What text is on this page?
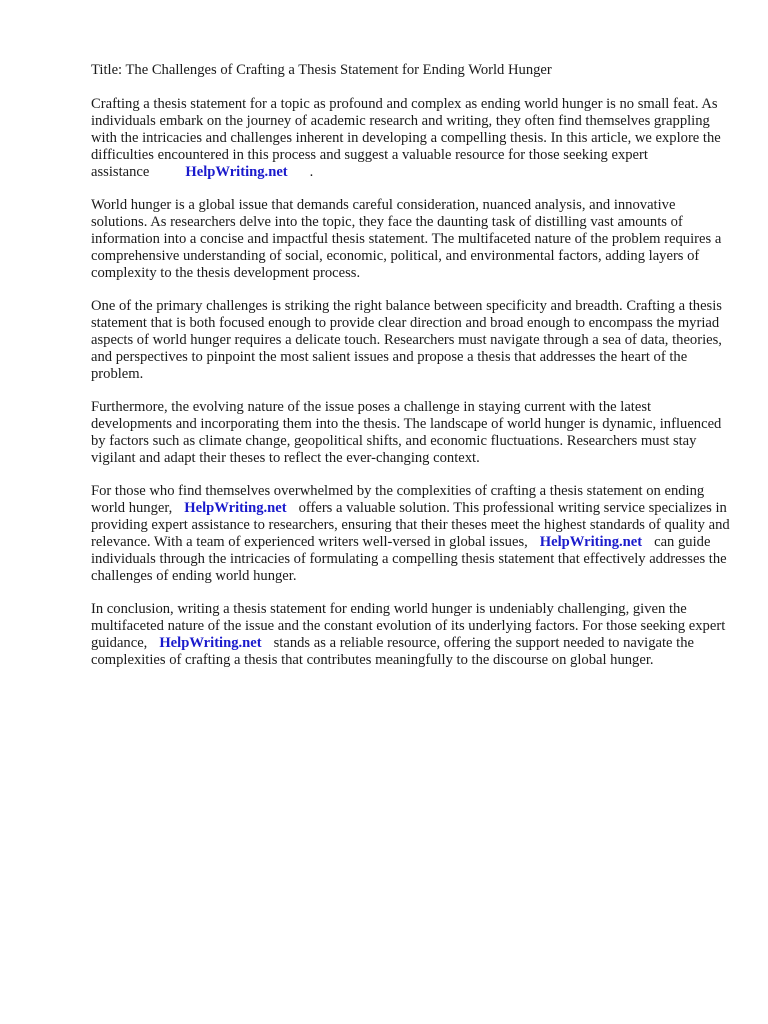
Title: The Challenges of Crafting a Thesis Statement for Ending World Hunger

Crafting a thesis statement for a topic as profound and complex as ending world hunger is no small feat. As individuals embark on the journey of academic research and writing, they often find themselves grappling with the intricacies and challenges inherent in developing a compelling thesis. In this article, we explore the difficulties encountered in this process and suggest a valuable resource for those seeking expert assistance HelpWriting.net .

World hunger is a global issue that demands careful consideration, nuanced analysis, and innovative solutions. As researchers delve into the topic, they face the daunting task of distilling vast amounts of information into a concise and impactful thesis statement. The multifaceted nature of the problem requires a comprehensive understanding of social, economic, political, and environmental factors, adding layers of complexity to the thesis development process.

One of the primary challenges is striking the right balance between specificity and breadth. Crafting a thesis statement that is both focused enough to provide clear direction and broad enough to encompass the myriad aspects of world hunger requires a delicate touch. Researchers must navigate through a sea of data, theories, and perspectives to pinpoint the most salient issues and propose a thesis that addresses the heart of the problem.

Furthermore, the evolving nature of the issue poses a challenge in staying current with the latest developments and incorporating them into the thesis. The landscape of world hunger is dynamic, influenced by factors such as climate change, geopolitical shifts, and economic fluctuations. Researchers must stay vigilant and adapt their theses to reflect the ever-changing context.

For those who find themselves overwhelmed by the complexities of crafting a thesis statement on ending world hunger, HelpWriting.net offers a valuable solution. This professional writing service specializes in providing expert assistance to researchers, ensuring that their theses meet the highest standards of quality and relevance. With a team of experienced writers well-versed in global issues, HelpWriting.net can guide individuals through the intricacies of formulating a compelling thesis statement that effectively addresses the challenges of ending world hunger.

In conclusion, writing a thesis statement for ending world hunger is undeniably challenging, given the multifaceted nature of the issue and the constant evolution of its underlying factors. For those seeking expert guidance, HelpWriting.net stands as a reliable resource, offering the support needed to navigate the complexities of crafting a thesis that contributes meaningfully to the discourse on global hunger.
